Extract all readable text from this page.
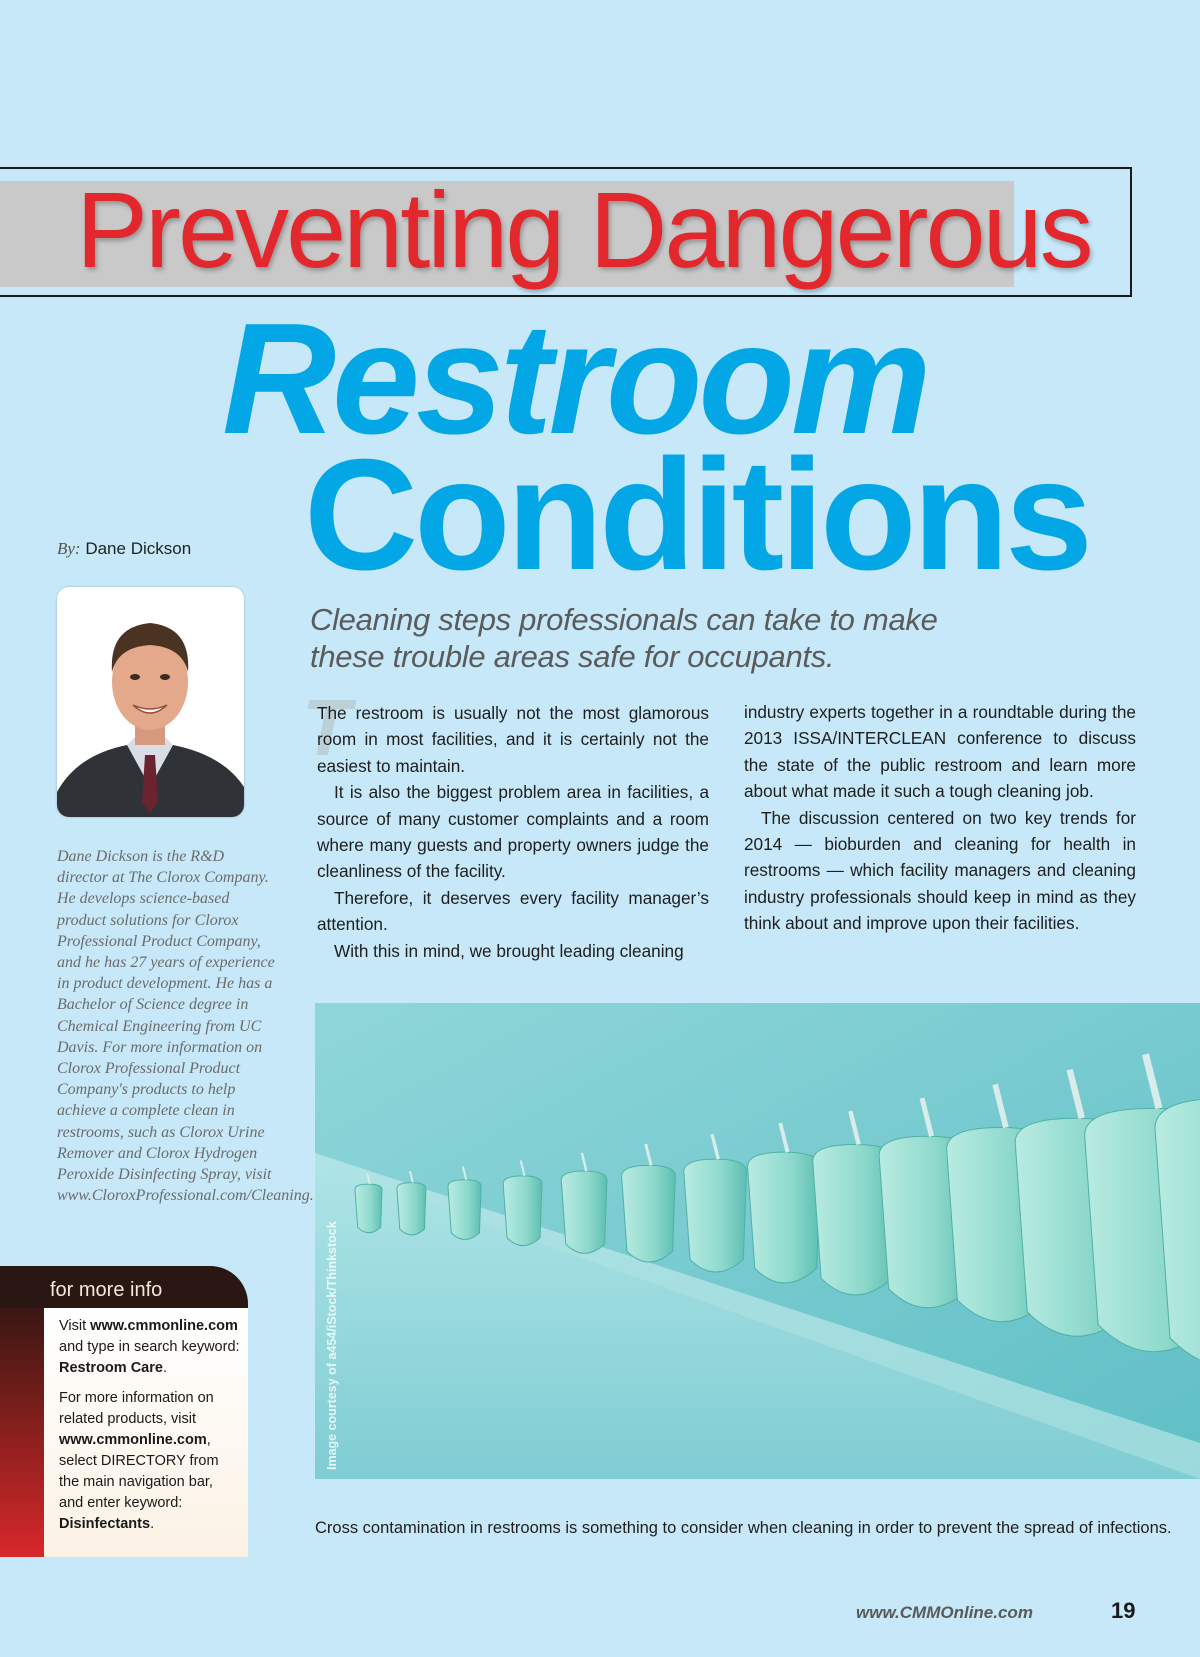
Preventing Dangerous
Restroom
Conditions
By: Dane Dickson
Dane Dickson is the R&D director at The Clorox Company. He develops science-based product solutions for Clorox Professional Product Company, and he has 27 years of experience in product development. He has a Bachelor of Science degree in Chemical Engineering from UC Davis. For more information on Clorox Professional Product Company's products to help achieve a complete clean in restrooms, such as Clorox Urine Remover and Clorox Hydrogen Peroxide Disinfecting Spray, visit www.CloroxProfessional.com/Cleaning.
for more info

Visit www.cmmonline.com and type in search keyword: Restroom Care.

For more information on related products, visit www.cmmonline.com, select DIRECTORY from the main navigation bar, and enter keyword: Disinfectants.

Cleaning steps professionals can take to make these trouble areas safe for occupants.
T

The restroom is usually not the most glamorous room in most facilities, and it is certainly not the easiest to maintain.

It is also the biggest problem area in facilities, a source of many customer complaints and a room where many guests and property owners judge the cleanliness of the facility.

Therefore, it deserves every facility manager’s attention.

With this in mind, we brought leading cleaning

industry experts together in a roundtable during the 2013 ISSA/INTERCLEAN conference to discuss the state of the public restroom and learn more about what made it such a tough cleaning job.

The discussion centered on two key trends for 2014 — bioburden and cleaning for health in restrooms — which facility managers and cleaning industry professionals should keep in mind as they think about and improve upon their facilities.

Image courtesy of a454/iStock/Thinkstock
Cross contamination in restrooms is something to consider when cleaning in order to prevent the spread of infections.
www.CMMOnline.com	19
